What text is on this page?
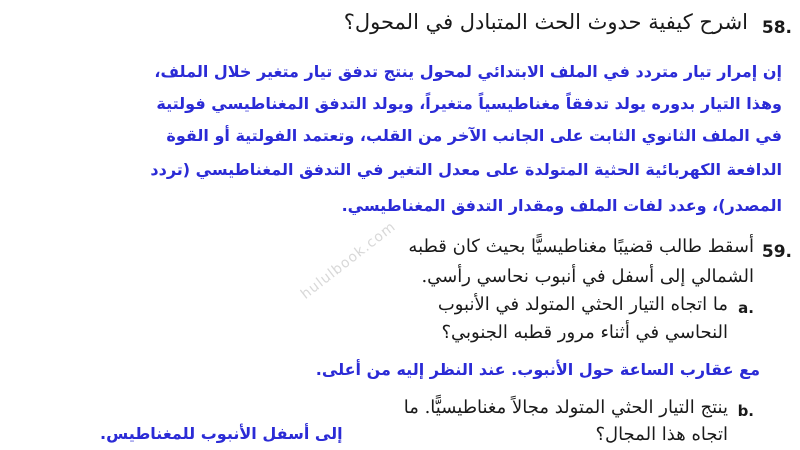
58.
اشرح كيفية حدوث الحث المتبادل في المحول؟
إن إمرار تيار متردد في الملف الابتدائي لمحول ينتج تدفق تيار متغير خلال الملف،
وهذا التيار بدوره يولد تدفقاً مغناطيسياً متغيراً، ويولد التدفق المغناطيسي فولتية
في الملف الثانوي الثابت على الجانب الآخر من القلب، وتعتمد الفولتية أو القوة
الدافعة الكهربائية الحثية المتولدة على معدل التغير في التدفق المغناطيسي (تردد
المصدر)، وعدد لفات الملف ومقدار التدفق المغناطيسي.
59.
أسقط طالب قضيبًا مغناطيسيًّا بحيث كان قطبه
الشمالي إلى أسفل في أنبوب نحاسي رأسي.
a.
ما اتجاه التيار الحثي المتولد في الأنبوب
النحاسي في أثناء مرور قطبه الجنوبي؟
مع عقارب الساعة حول الأنبوب. عند النظر إليه من أعلى.
b.
ينتج التيار الحثي المتولد مجالاً مغناطيسيًّا. ما
اتجاه هذا المجال؟
إلى أسفل الأنبوب للمغناطيس.
hululbook.com
